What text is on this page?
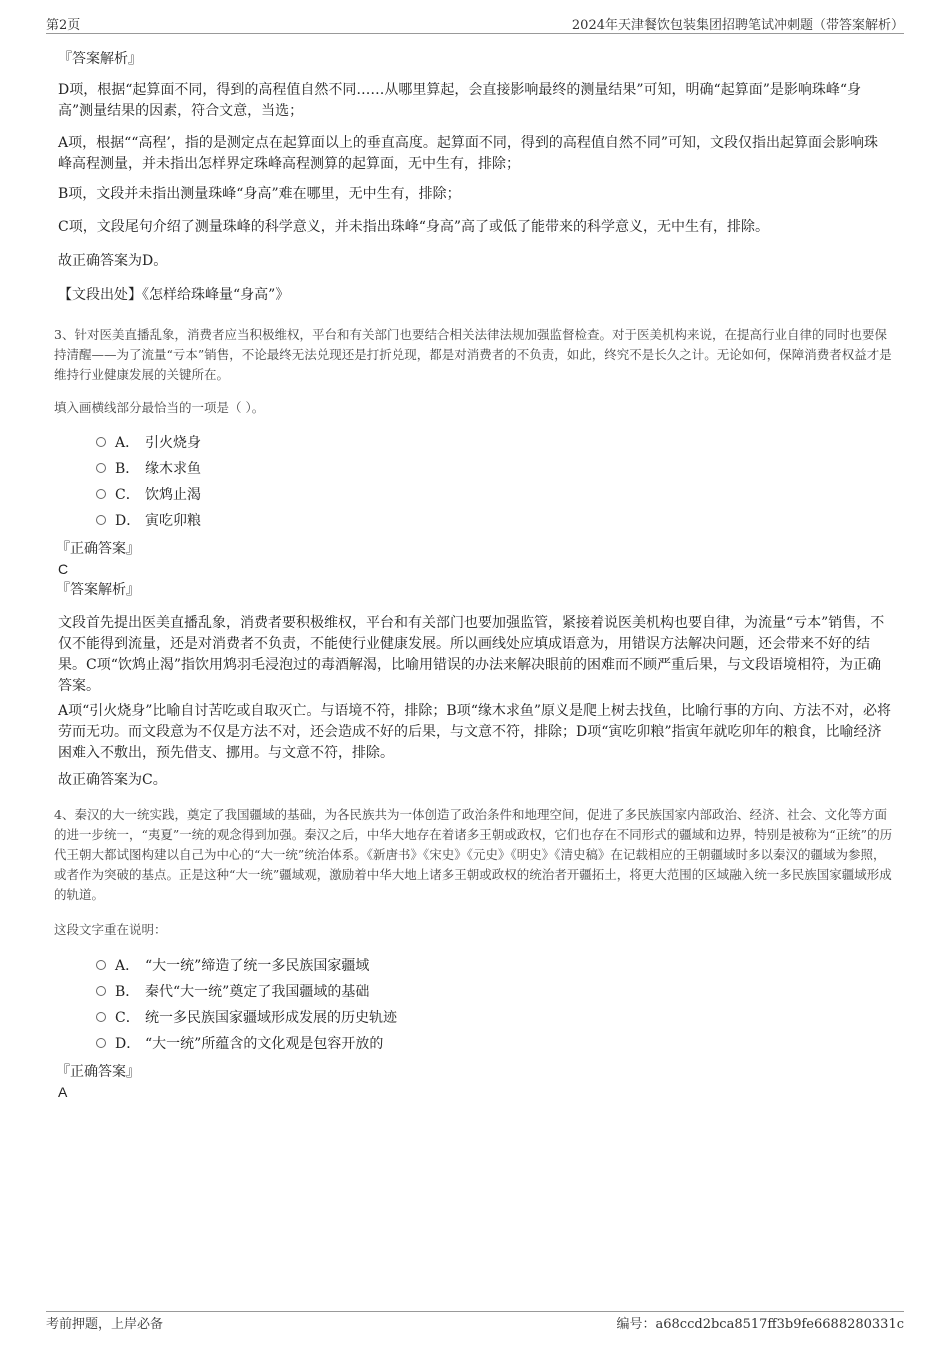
第2页	2024年天津餐饮包装集团招聘笔试冲刺题（带答案解析）
『答案解析』
D项，根据“起算面不同，得到的高程值自然不同……从哪里算起，会直接影响最终的测量结果”可知，明确“起算面”是影响珠峰“身高”测量结果的因素，符合文意，当选；
A项，根据““高程’，指的是测定点在起算面以上的垂直高度。起算面不同，得到的高程值自然不同”可知，文段仅指出起算面会影响珠峰高程测量，并未指出怎样界定珠峰高程测算的起算面，无中生有，排除；
B项，文段并未指出测量珠峰“身高”难在哪里，无中生有，排除；
C项，文段尾句介绍了测量珠峰的科学意义，并未指出珠峰“身高”高了或低了能带来的科学意义，无中生有，排除。
故正确答案为D。
【文段出处】《怎样给珠峰量“身高”》
3、针对医美直播乱象，消费者应当积极维权，平台和有关部门也要结合相关法律法规加强监督检查。对于医美机构来说，在提高行业自律的同时也要保持清醒——为了流量“亏本”销售，不论最终无法兑现还是打折兑现，都是对消费者的不负责，如此，终究不是长久之计。无论如何，保障消费者权益才是维持行业健康发展的关键所在。
填入画横线部分最恰当的一项是（ ）。
A． 引火烧身
B． 缘木求鱼
C． 饮鸩止渴
D． 寅吃卯粮
『正确答案』
C
『答案解析』
文段首先提出医美直播乱象，消费者要积极维权，平台和有关部门也要加强监管，紧接着说医美机构也要自律，为流量“亏本”销售，不仅不能得到流量，还是对消费者不负责，不能使行业健康发展。所以画线处应填成语意为，用错误方法解决问题，还会带来不好的结果。C项“饮鸩止渴”指饮用鸩羽毛浸泡过的毒酒解渴，比喻用错误的办法来解决眼前的困难而不顾严重后果，与文段语境相符，为正确答案。
A项“引火烧身”比喻自讨苦吃或自取灭亡。与语境不符，排除；B项“缘木求鱼”原义是爬上树去找鱼，比喻行事的方向、方法不对，必将劳而无功。而文段意为不仅是方法不对，还会造成不好的后果，与文意不符，排除；D项“寅吃卯粮”指寅年就吃卯年的粮食，比喻经济困难入不敷出，预先借支、挪用。与文意不符，排除。
故正确答案为C。
4、秦汉的大一统实践，奠定了我国疆域的基础，为各民族共为一体创造了政治条件和地理空间，促进了多民族国家内部政治、经济、社会、文化等方面的进一步统一，“夷夏”一统的观念得到加强。秦汉之后，中华大地存在着诸多王朝或政权，它们也存在不同形式的疆域和边界，特别是被称为“正统”的历代王朝大都试图构建以自己为中心的“大一统”统治体系。《新唐书》《宋史》《元史》《明史》《清史稿》在记载相应的王朝疆域时多以秦汉的疆域为参照，或者作为突破的基点。正是这种“大一统”疆域观，激励着中华大地上诸多王朝或政权的统治者开疆拓土，将更大范围的区域融入统一多民族国家疆域形成的轨道。
这段文字重在说明：
A． “大一统”缔造了统一多民族国家疆域
B． 秦代“大一统”奠定了我国疆域的基础
C． 统一多民族国家疆域形成发展的历史轨迹
D． “大一统”所蕴含的文化观是包容开放的
『正确答案』
A
考前押题，上岸必备	编号：a68ccd2bca8517ff3b9fe6688280331c
